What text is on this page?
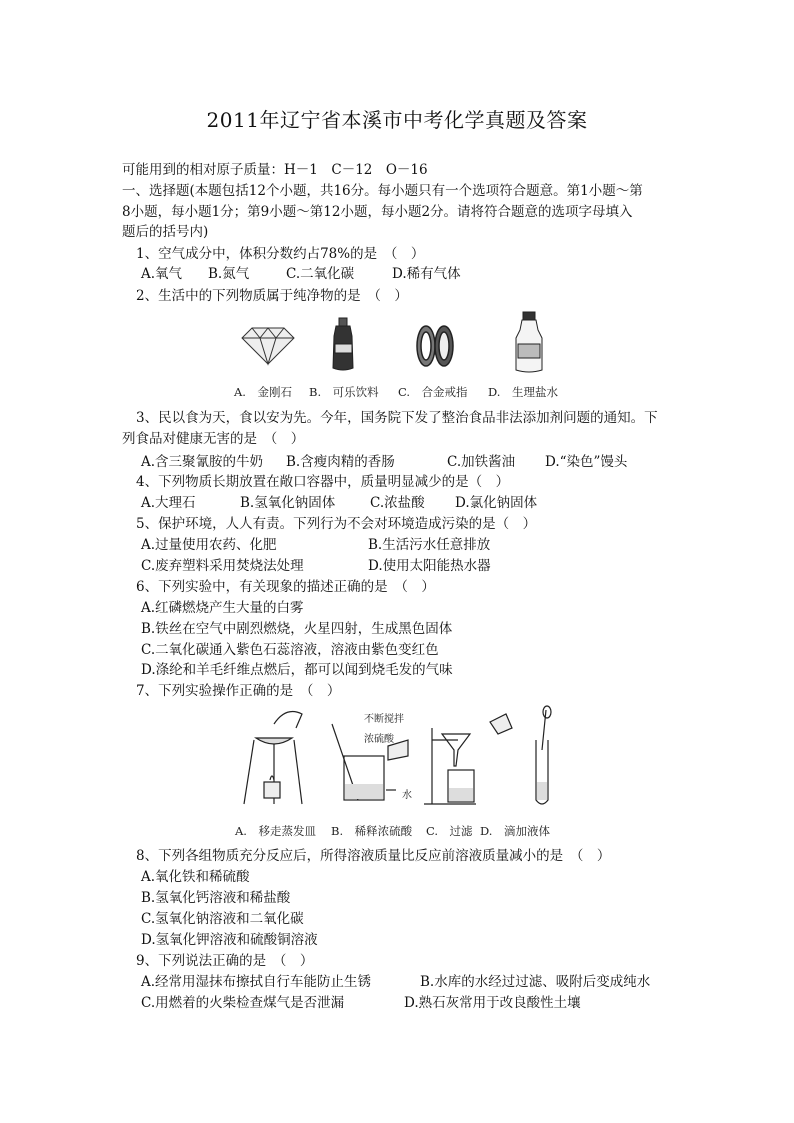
2011年辽宁省本溪市中考化学真题及答案
可能用到的相对原子质量：H－1　C－12　O－16
一、选择题(本题包括12个小题，共16分。每小题只有一个选项符合题意。第1小题～第
8小题，每小题1分；第9小题～第12小题，每小题2分。请将符合题意的选项字母填入
题后的括号内)
1、空气成分中，体积分数约占78%的是　（　）
A.氧气 B.氮气	C.二氧化碳	D.稀有气体
2、生活中的下列物质属于纯净物的是　（　）
A.　金刚石 B.　可乐饮料 C.　合金戒指 D.　生理盐水
3、民以食为天，食以安为先。今年，国务院下发了整治食品非法添加剂问题的通知。下
列食品对健康无害的是　（　）
A.含三聚氰胺的牛奶 B.含瘦肉精的香肠	C.加铁酱油 D.“染色”馒头
4、下列物质长期放置在敞口容器中，质量明显减少的是（　）
A.大理石	B.氢氧化钠固体	C.浓盐酸 D.氯化钠固体
5、保护环境，人人有责。下列行为不会对环境造成污染的是（　）
A.过量使用农药、化肥	B.生活污水任意排放
C.废弃塑料采用焚烧法处理	D.使用太阳能热水器
6、下列实验中，有关现象的描述正确的是　（　）
A.红磷燃烧产生大量的白雾
B.铁丝在空气中剧烈燃烧，火星四射，生成黑色固体
C.二氧化碳通入紫色石蕊溶液，溶液由紫色变红色
D.涤纶和羊毛纤维点燃后，都可以闻到烧毛发的气味
7、下列实验操作正确的是　（　）
不断搅拌
浓硫酸
水
A.　移走蒸发皿 B.　稀释浓硫酸 C.　过滤 D.　滴加液体
8、下列各组物质充分反应后，所得溶液质量比反应前溶液质量减小的是　（　）
A.氧化铁和稀硫酸
B.氢氧化钙溶液和稀盐酸
C.氢氧化钠溶液和二氧化碳
D.氢氧化钾溶液和硫酸铜溶液
9、下列说法正确的是　（　）
A.经常用湿抹布擦拭自行车能防止生锈	B.水库的水经过过滤、吸附后变成纯水
C.用燃着的火柴检查煤气是否泄漏	D.熟石灰常用于改良酸性土壤
